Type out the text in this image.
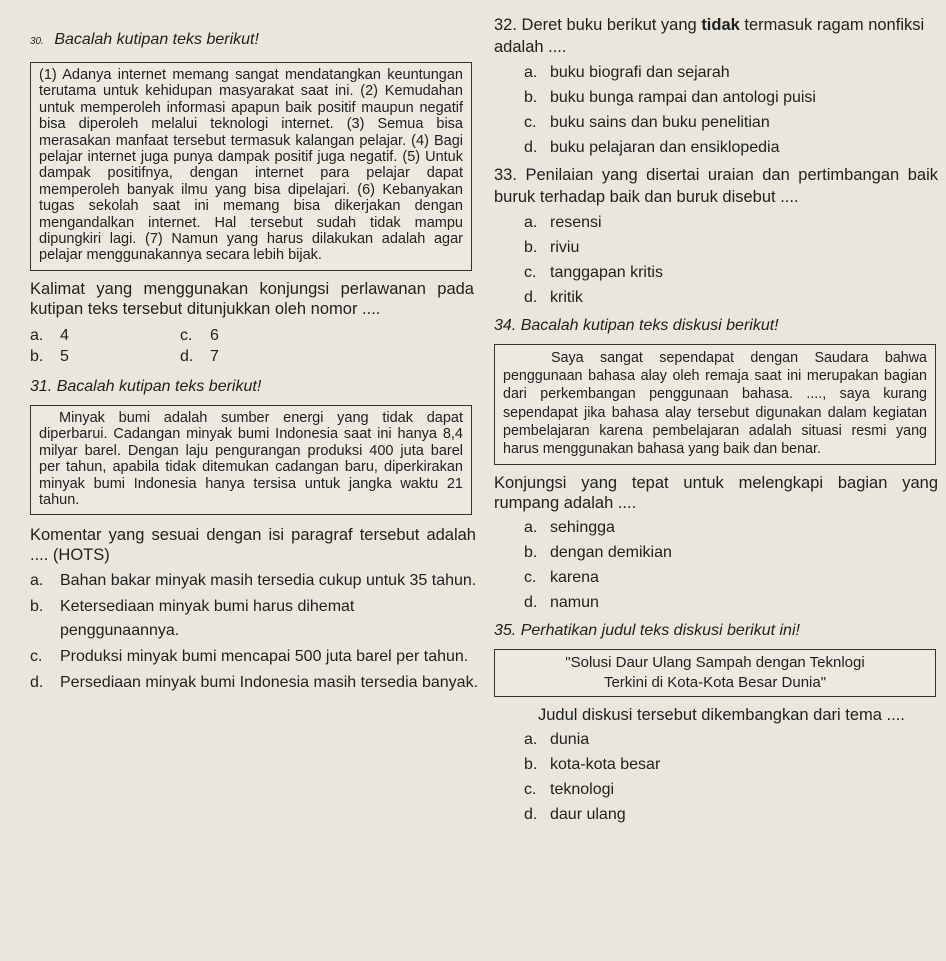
30. Bacalah kutipan teks berikut!

(1) Adanya internet memang sangat mendatangkan keuntungan terutama untuk kehidupan masyarakat saat ini. (2) Kemudahan untuk memperoleh informasi apapun baik positif maupun negatif bisa diperoleh melalui teknologi internet. (3) Semua bisa merasakan manfaat tersebut termasuk kalangan pelajar. (4) Bagi pelajar internet juga punya dampak positif juga negatif. (5) Untuk dampak positifnya, dengan internet para pelajar dapat memperoleh banyak ilmu yang bisa dipelajari. (6) Kebanyakan tugas sekolah saat ini memang bisa dikerjakan dengan mengandalkan internet. Hal tersebut sudah tidak mampu dipungkiri lagi. (7) Namun yang harus dilakukan adalah agar pelajar menggunakannya secara lebih bijak.

Kalimat yang menggunakan konjungsi perlawanan pada kutipan teks tersebut ditunjukkan oleh nomor ....
a.	4	c.	6
b.	5	d.	7
31. Bacalah kutipan teks berikut!

Minyak bumi adalah sumber energi yang tidak dapat diperbarui. Cadangan minyak bumi Indonesia saat ini hanya 8,4 milyar barel. Dengan laju pengurangan produksi 400 juta barel per tahun, apabila tidak ditemukan cadangan baru, diperkirakan minyak bumi Indonesia hanya tersisa untuk jangka waktu 21 tahun.

Komentar yang sesuai dengan isi paragraf tersebut adalah .... (HOTS)
a.	Bahan bakar minyak masih tersedia cukup untuk 35 tahun.
b.	Ketersediaan minyak bumi harus dihemat penggunaannya.
c.	Produksi minyak bumi mencapai 500 juta barel per tahun.
d.	Persediaan minyak bumi Indonesia masih tersedia banyak.
32. Deret buku berikut yang tidak termasuk ragam nonfiksi adalah ....
a. buku biografi dan sejarah
b. buku bunga rampai dan antologi puisi
c. buku sains dan buku penelitian
d. buku pelajaran dan ensiklopedia
33. Penilaian yang disertai uraian dan pertimbangan baik buruk terhadap baik dan buruk disebut ....
a. resensi
b. riviu
c. tanggapan kritis
d. kritik
34. Bacalah kutipan teks diskusi berikut!

Saya sangat sependapat dengan Saudara bahwa penggunaan bahasa alay oleh remaja saat ini merupakan bagian dari perkembangan penggunaan bahasa. ...., saya kurang sependapat jika bahasa alay tersebut digunakan dalam kegiatan pembelajaran karena pembelajaran adalah situasi resmi yang harus menggunakan bahasa yang baik dan benar.

Konjungsi yang tepat untuk melengkapi bagian yang rumpang adalah ....
a. sehingga
b. dengan demikian
c. karena
d. namun
35. Perhatikan judul teks diskusi berikut ini!
"Solusi Daur Ulang Sampah dengan Teknlogi
Terkini di Kota-Kota Besar Dunia"
Judul diskusi tersebut dikembangkan dari tema ....
a. dunia
b. kota-kota besar
c. teknologi
d. daur ulang
